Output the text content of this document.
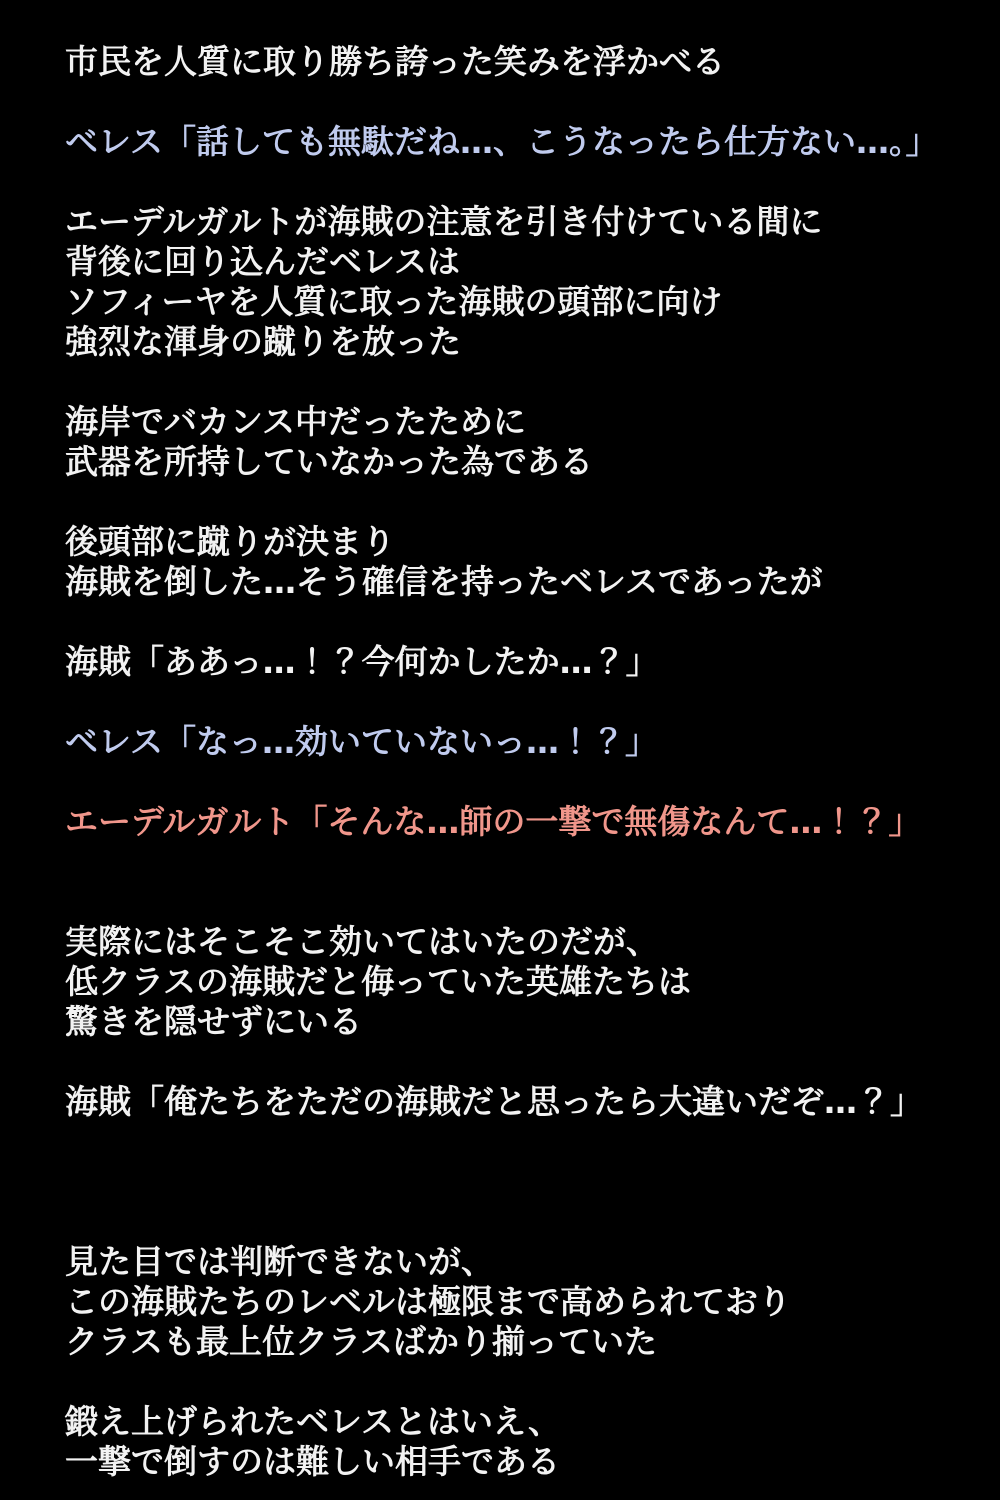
市民を人質に取り勝ち誇った笑みを浮かべる
ベレス「話しても無駄だね…、こうなったら仕方ない…。」
エーデルガルトが海賊の注意を引き付けている間に
背後に回り込んだベレスは
ソフィーヤを人質に取った海賊の頭部に向け
強烈な渾身の蹴りを放った
海岸でバカンス中だったために
武器を所持していなかった為である
後頭部に蹴りが決まり
海賊を倒した…そう確信を持ったベレスであったが
海賊「ああっ…！？今何かしたか…？」
ベレス「なっ…効いていないっ…！？」
エーデルガルト「そんな…師の一撃で無傷なんて…！？」
実際にはそこそこ効いてはいたのだが、
低クラスの海賊だと侮っていた英雄たちは
驚きを隠せずにいる
海賊「俺たちをただの海賊だと思ったら大違いだぞ…？」
見た目では判断できないが、
この海賊たちのレベルは極限まで高められており
クラスも最上位クラスばかり揃っていた
鍛え上げられたベレスとはいえ、
一撃で倒すのは難しい相手である
